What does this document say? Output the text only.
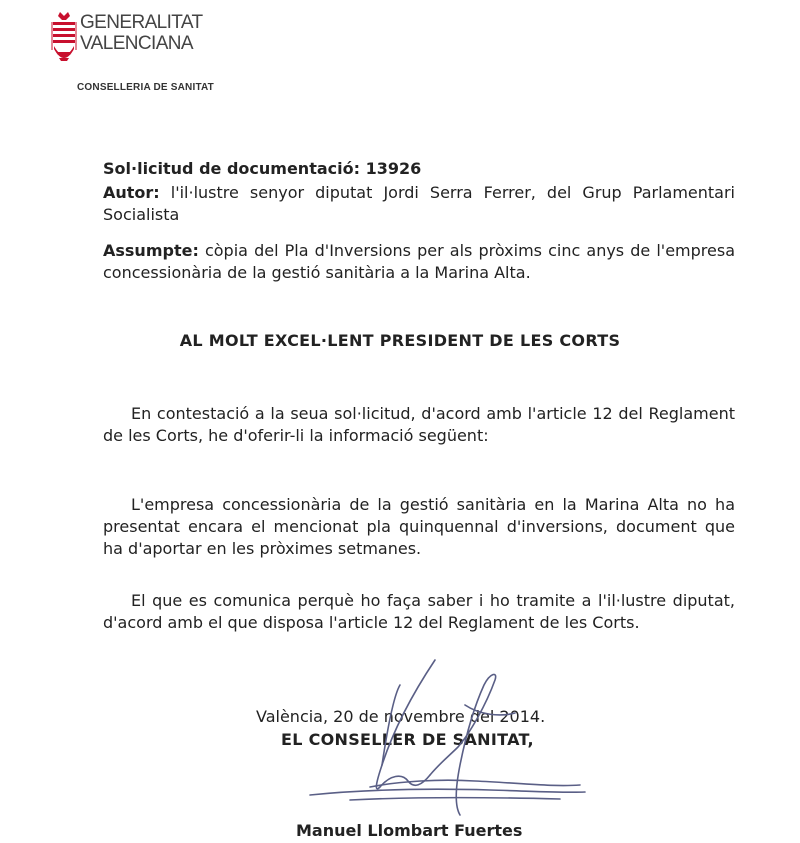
GENERALITAT
VALENCIANA
CONSELLERIA DE SANITAT
Sol·licitud de documentació: 13926
Autor: l'il·lustre senyor diputat Jordi Serra Ferrer, del Grup Parlamentari Socialista
Assumpte: còpia del Pla d'Inversions per als pròxims cinc anys de l'empresa concessionària de la gestió sanitària a la Marina Alta.
AL MOLT EXCEL·LENT PRESIDENT DE LES CORTS
En contestació a la seua sol·licitud, d'acord amb l'article 12 del Reglament de les Corts, he d'oferir-li la informació següent:
L'empresa concessionària de la gestió sanitària en la Marina Alta no ha presentat encara el mencionat pla quinquennal d'inversions, document que ha d'aportar en les pròximes setmanes.
El que es comunica perquè ho faça saber i ho tramite a l'il·lustre diputat, d'acord amb el que disposa l'article 12 del Reglament de les Corts.
València, 20 de novembre del 2014.
EL CONSELLER DE SANITAT,
Manuel Llombart Fuertes
